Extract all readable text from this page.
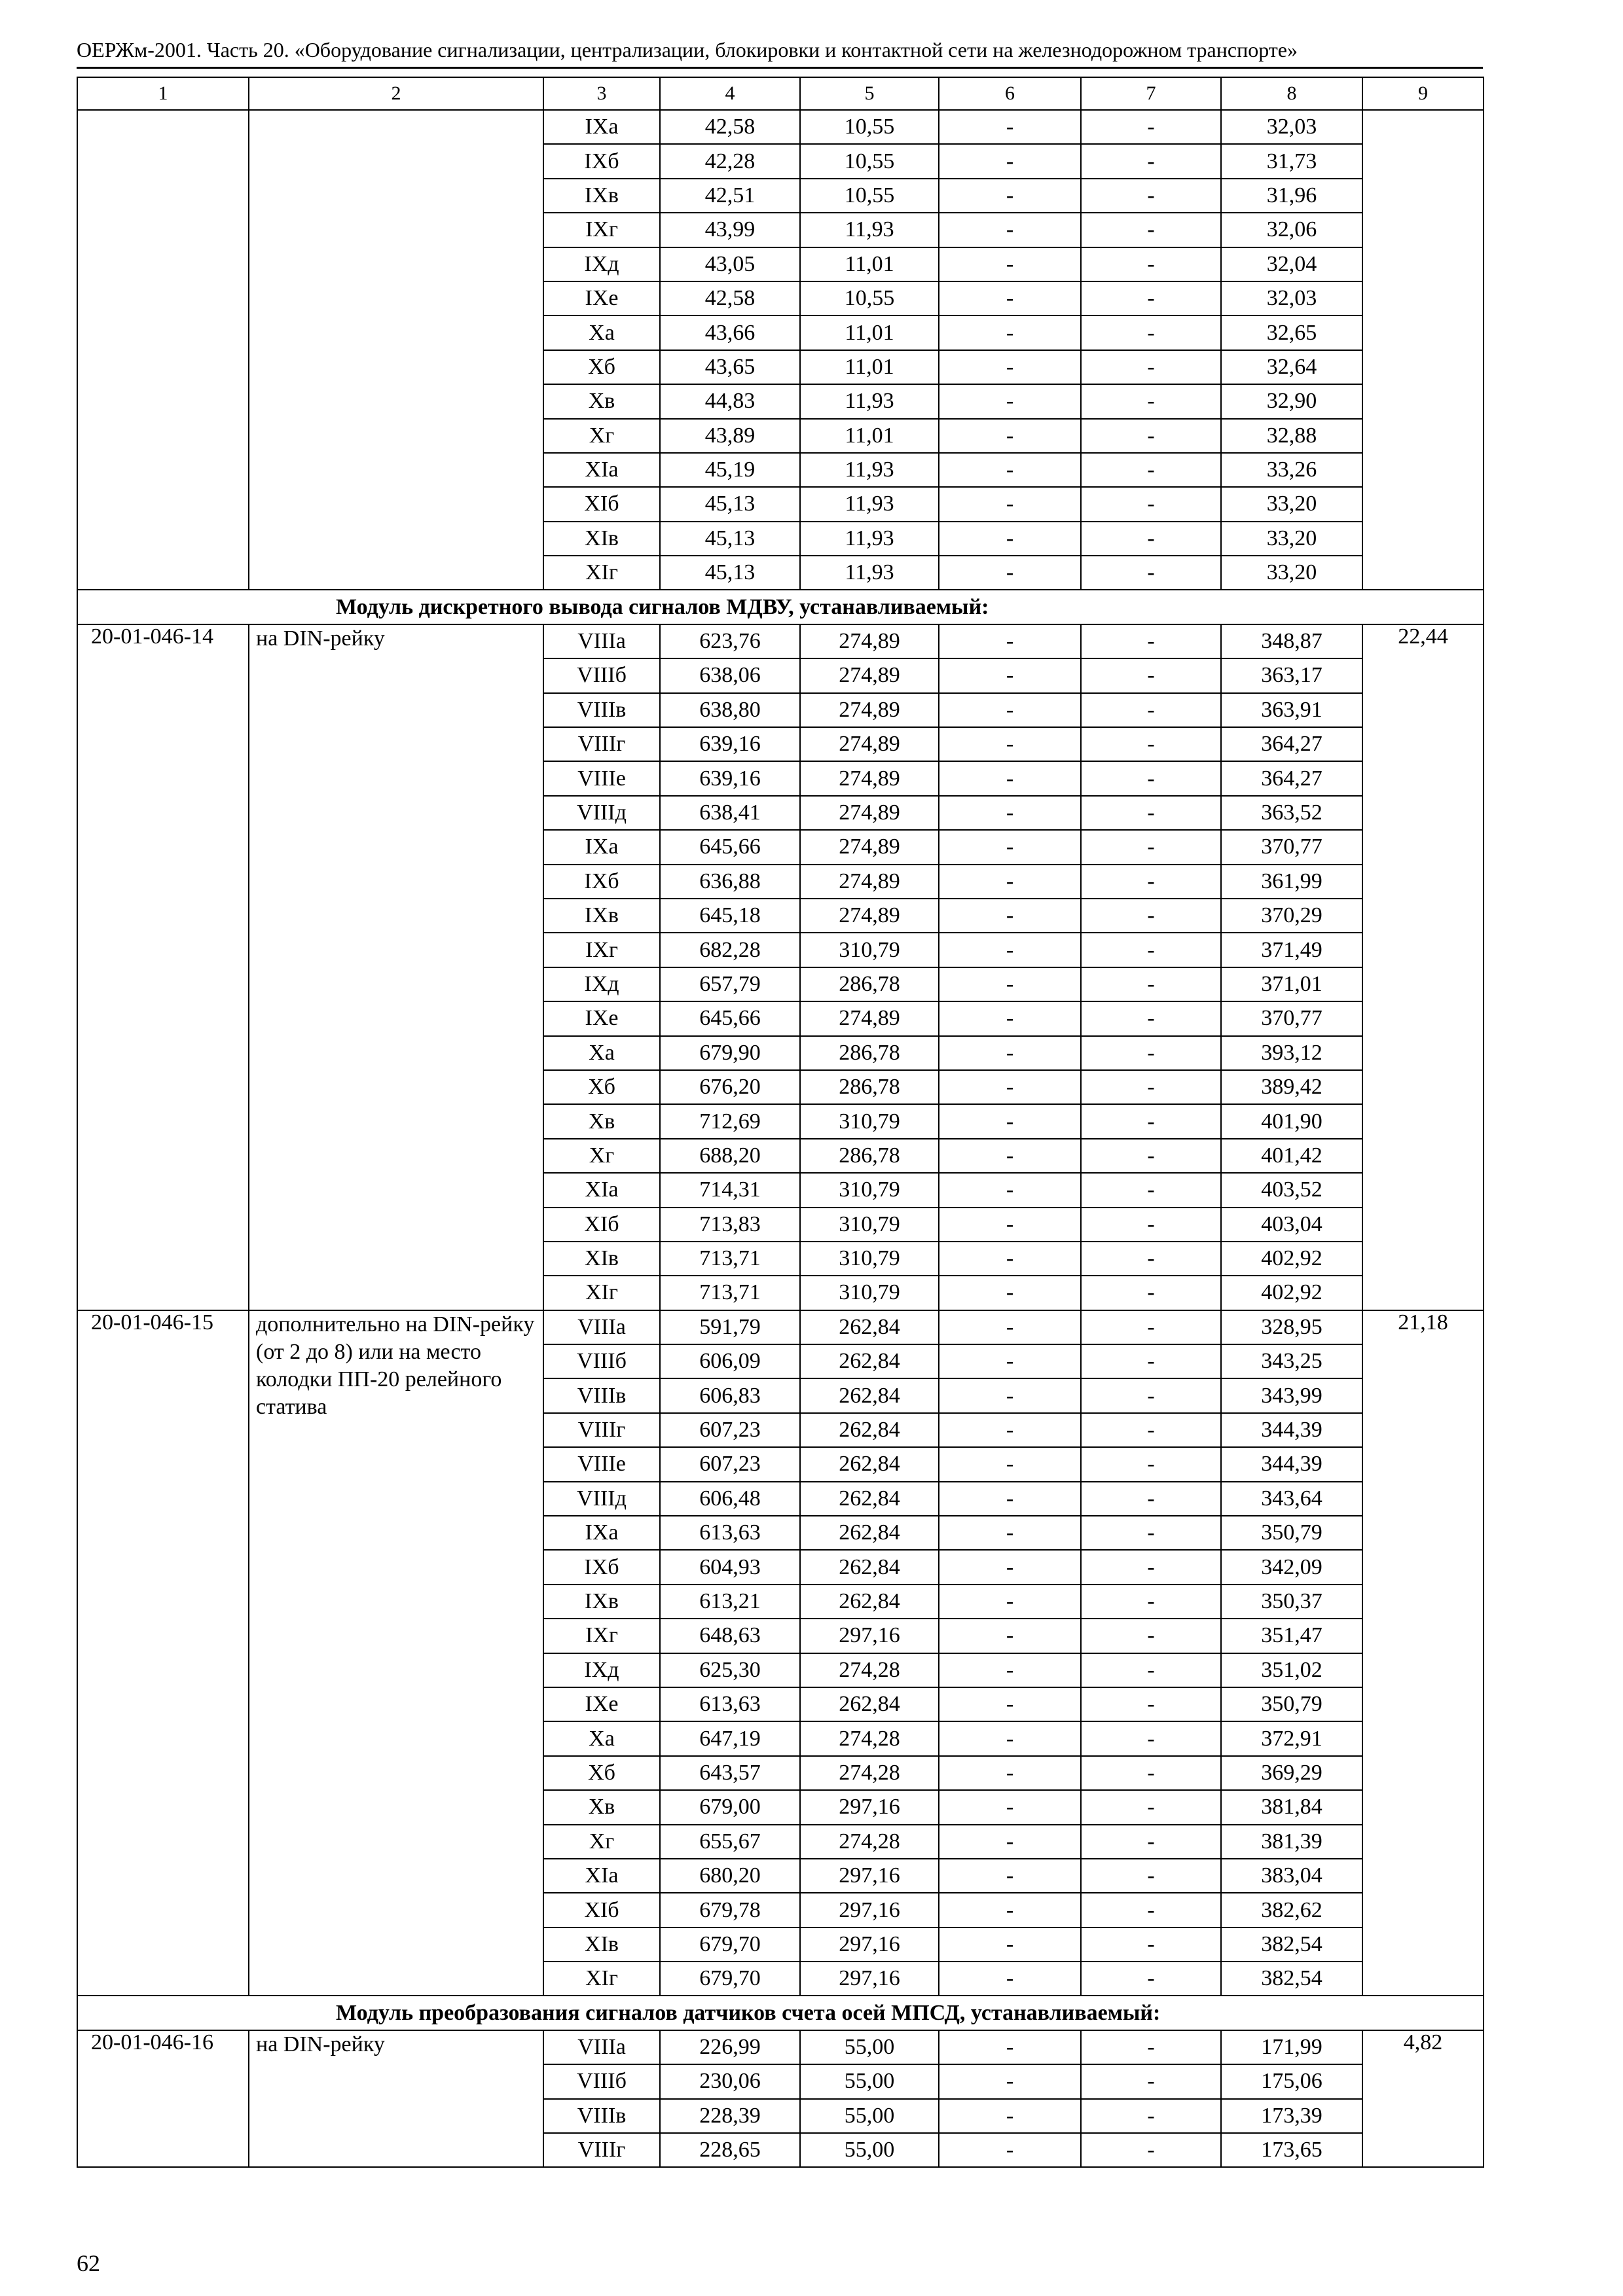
ОЕРЖм-2001. Часть 20. «Оборудование сигнализации, централизации, блокировки и контактной сети на железнодорожном транспорте»
1	2	3	4	5	6	7	8	9
		IXa	42,58	10,55	-	-	32,03	
		IXб	42,28	10,55	-	-	31,73	
		IXв	42,51	10,55	-	-	31,96	
		IXг	43,99	11,93	-	-	32,06	
		IXд	43,05	11,01	-	-	32,04	
		IXe	42,58	10,55	-	-	32,03	
		Xa	43,66	11,01	-	-	32,65	
		Xб	43,65	11,01	-	-	32,64	
		Xв	44,83	11,93	-	-	32,90	
		Xг	43,89	11,01	-	-	32,88	
		XIa	45,19	11,93	-	-	33,26	
		XIб	45,13	11,93	-	-	33,20	
		XIв	45,13	11,93	-	-	33,20	
		XIг	45,13	11,93	-	-	33,20	
Модуль дискретного вывода сигналов МДВУ, устанавливаемый:								
20-01-046-14	на DIN-рейку	VIIIa	623,76	274,89	-	-	348,87	22,44
		VIIIб	638,06	274,89	-	-	363,17	
		VIIIв	638,80	274,89	-	-	363,91	
		VIIIг	639,16	274,89	-	-	364,27	
		VIIIe	639,16	274,89	-	-	364,27	
		VIIIд	638,41	274,89	-	-	363,52	
		IXa	645,66	274,89	-	-	370,77	
		IXб	636,88	274,89	-	-	361,99	
		IXв	645,18	274,89	-	-	370,29	
		IXг	682,28	310,79	-	-	371,49	
		IXд	657,79	286,78	-	-	371,01	
		IXe	645,66	274,89	-	-	370,77	
		Xa	679,90	286,78	-	-	393,12	
		Xб	676,20	286,78	-	-	389,42	
		Xв	712,69	310,79	-	-	401,90	
		Xг	688,20	286,78	-	-	401,42	
		XIa	714,31	310,79	-	-	403,52	
		XIб	713,83	310,79	-	-	403,04	
		XIв	713,71	310,79	-	-	402,92	
		XIг	713,71	310,79	-	-	402,92	
20-01-046-15	дополнительно на DIN-рейку (от 2 до 8) или на место колодки ПП-20 релейного статива	VIIIa	591,79	262,84	-	-	328,95	21,18
		VIIIб	606,09	262,84	-	-	343,25	
		VIIIв	606,83	262,84	-	-	343,99	
		VIIIг	607,23	262,84	-	-	344,39	
		VIIIe	607,23	262,84	-	-	344,39	
		VIIIд	606,48	262,84	-	-	343,64	
		IXa	613,63	262,84	-	-	350,79	
		IXб	604,93	262,84	-	-	342,09	
		IXв	613,21	262,84	-	-	350,37	
		IXг	648,63	297,16	-	-	351,47	
		IXд	625,30	274,28	-	-	351,02	
		IXe	613,63	262,84	-	-	350,79	
		Xa	647,19	274,28	-	-	372,91	
		Xб	643,57	274,28	-	-	369,29	
		Xв	679,00	297,16	-	-	381,84	
		Xг	655,67	274,28	-	-	381,39	
		XIa	680,20	297,16	-	-	383,04	
		XIб	679,78	297,16	-	-	382,62	
		XIв	679,70	297,16	-	-	382,54	
		XIг	679,70	297,16	-	-	382,54	
Модуль преобразования сигналов датчиков счета осей МПСД, устанавливаемый:								
20-01-046-16	на DIN-рейку	VIIIa	226,99	55,00	-	-	171,99	4,82
		VIIIб	230,06	55,00	-	-	175,06	
		VIIIв	228,39	55,00	-	-	173,39	
		VIIIг	228,65	55,00	-	-	173,65	
62
